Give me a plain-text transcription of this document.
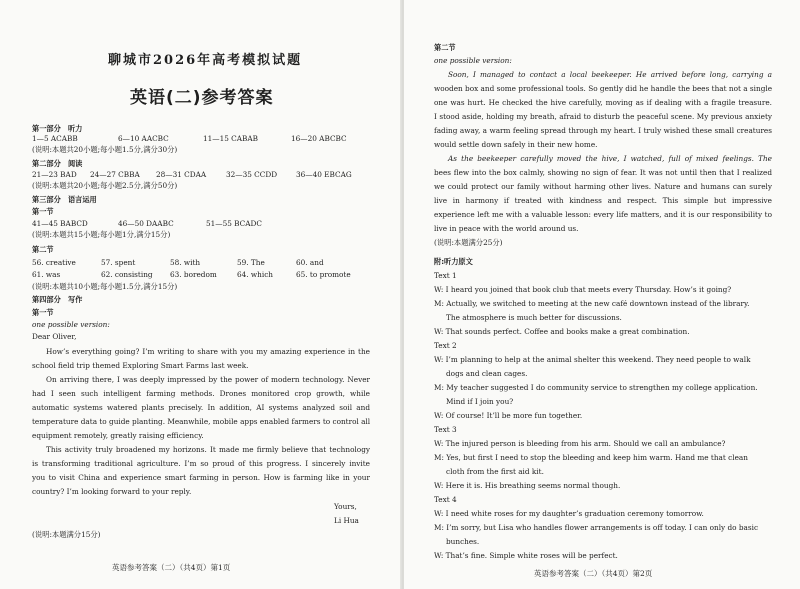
聊城市2026年高考模拟试题
英语(二)参考答案
第一部分　听力
1—5 ACABB	6—10 AACBC	11—15 CABAB	16—20 ABCBC
(说明:本题共20小题;每小题1.5分,满分30分)
第二部分　阅读
21—23 BAD 24—27 CBBA 28—31 CDAA	32—35 CCDD	36—40 EBCAG
(说明:本题共20小题;每小题2.5分,满分50分)
第三部分　语言运用
第一节
41—45 BABCD	46—50 DAABC	51—55 BCADC
(说明:本题共15小题;每小题1分,满分15分)
第二节
56. creative	57. spent	58. with	59. The	60. and
61. was	62. consisting 63. boredom	64. which	65. to promote
(说明:本题共10小题;每小题1.5分,满分15分)
第四部分　写作
第一节
one possible version:
Dear Oliver,
How’s everything going? I’m writing to share with you my amazing experience in the
school field trip themed Exploring Smart Farms last week.
On arriving there, I was deeply impressed by the power of modern technology. Never
had I seen such intelligent farming methods. Drones monitored crop growth, while
automatic systems watered plants precisely. In addition, AI systems analyzed soil and
temperature data to guide planting. Meanwhile, mobile apps enabled farmers to control all
equipment remotely, greatly raising efficiency.
This activity truly broadened my horizons. It made me firmly believe that technology
is transforming traditional agriculture. I’m so proud of this progress. I sincerely invite
you to visit China and experience smart farming in person. How is farming like in your
country? I’m looking forward to your reply.
Yours,
Li Hua
(说明:本题满分15分)
英语参考答案（二）（共4页）第1页
第二节
one possible version:
Soon, I managed to contact a local beekeeper. He arrived before long, carrying a
wooden box and some professional tools. So gently did he handle the bees that not a single
one was hurt. He checked the hive carefully, moving as if dealing with a fragile treasure.
I stood aside, holding my breath, afraid to disturb the peaceful scene. My previous anxiety
fading away, a warm feeling spread through my heart. I truly wished these small creatures
would settle down safely in their new home.
As the beekeeper carefully moved the hive, I watched, full of mixed feelings. The
bees flew into the box calmly, showing no sign of fear. It was not until then that I realized
we could protect our family without harming other lives. Nature and humans can surely
live in harmony if treated with kindness and respect. This simple but impressive
experience left me with a valuable lesson: every life matters, and it is our responsibility to
live in peace with the world around us.
(说明:本题满分25分)
附:听力原文
Text 1
W: I heard you joined that book club that meets every Thursday. How’s it going?
M: Actually, we switched to meeting at the new café downtown instead of the library.
The atmosphere is much better for discussions.
W: That sounds perfect. Coffee and books make a great combination.
Text 2
W: I’m planning to help at the animal shelter this weekend. They need people to walk
dogs and clean cages.
M: My teacher suggested I do community service to strengthen my college application.
Mind if I join you?
W: Of course! It’ll be more fun together.
Text 3
W: The injured person is bleeding from his arm. Should we call an ambulance?
M: Yes, but first I need to stop the bleeding and keep him warm. Hand me that clean
cloth from the first aid kit.
W: Here it is. His breathing seems normal though.
Text 4
W: I need white roses for my daughter’s graduation ceremony tomorrow.
M: I’m sorry, but Lisa who handles flower arrangements is off today. I can only do basic
bunches.
W: That’s fine. Simple white roses will be perfect.
英语参考答案（二）（共4页）第2页
